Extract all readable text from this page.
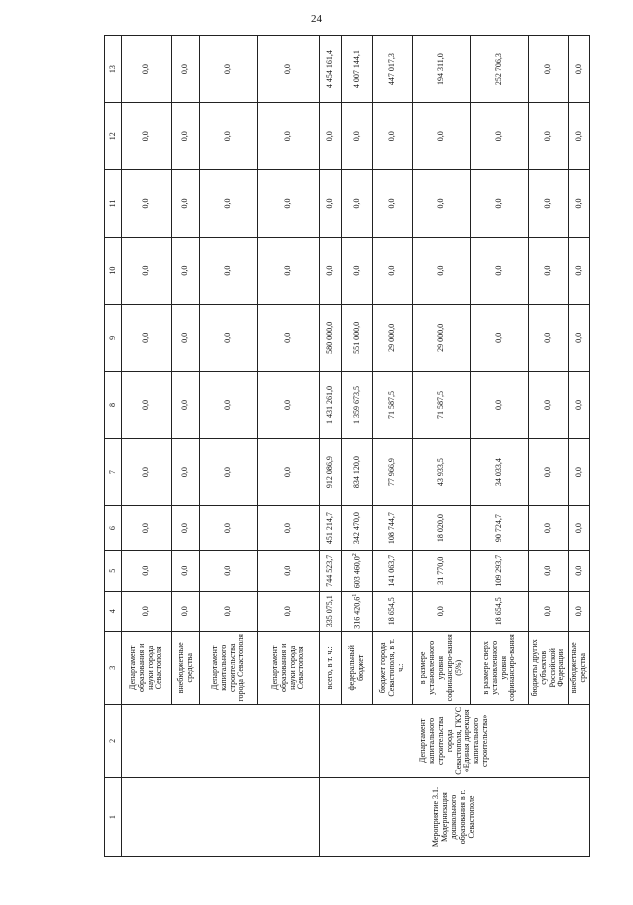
24
1	2	3	4	5	6	7	8	9	10	11	12	13
		Департамент образования и науки города Севастополя	0,0	0,0	0,0	0,0	0,0	0,0	0,0	0,0	0,0	0,0
		внебюджетные средства	0,0	0,0	0,0	0,0	0,0	0,0	0,0	0,0	0,0	0,0
		Департамент капитального строительства города Севастополя	0,0	0,0	0,0	0,0	0,0	0,0	0,0	0,0	0,0	0,0
		Департамент образования и науки города Севастополя	0,0	0,0	0,0	0,0	0,0	0,0	0,0	0,0	0,0	0,0
Мероприятие 3.1. Модернизация дошкольного образования в г. Севастополе	Департамент капитального строительства города Севастополя, ГКУС «Единая дирекция капитального строительства»	всего, в т. ч.:	335 075,1	744 523,7	451 214,7	912 086,9	1 431 261,0	580 000,0	0,0	0,0	0,0	4 454 161,4
		федеральный бюджет	316 420,6$^1$	603 460,0$^2$	342 470,0	834 120,0	1 359 673,5	551 000,0	0,0	0,0	0,0	4 007 144,1
		бюджет города Севастополя, в т. ч.:	18 654,5	141 063,7	108 744,7	77 966,9	71 587,5	29 000,0	0,0	0,0	0,0	447 017,3
		в размере установленного уровня софинансиро-вания (5%)	0,0	31 770,0	18 020,0	43 933,5	71 587,5	29 000,0	0,0	0,0	0,0	194 311,0
		в размере сверх установленного уровня софинансиро-вания	18 654,5	109 293,7	90 724,7	34 033,4	0,0	0,0	0,0	0,0	0,0	252 706,3
		бюджеты других субъектов Российской Федерации	0,0	0,0	0,0	0,0	0,0	0,0	0,0	0,0	0,0	0,0
		внебюджетные средства	0,0	0,0	0,0	0,0	0,0	0,0	0,0	0,0	0,0	0,0
